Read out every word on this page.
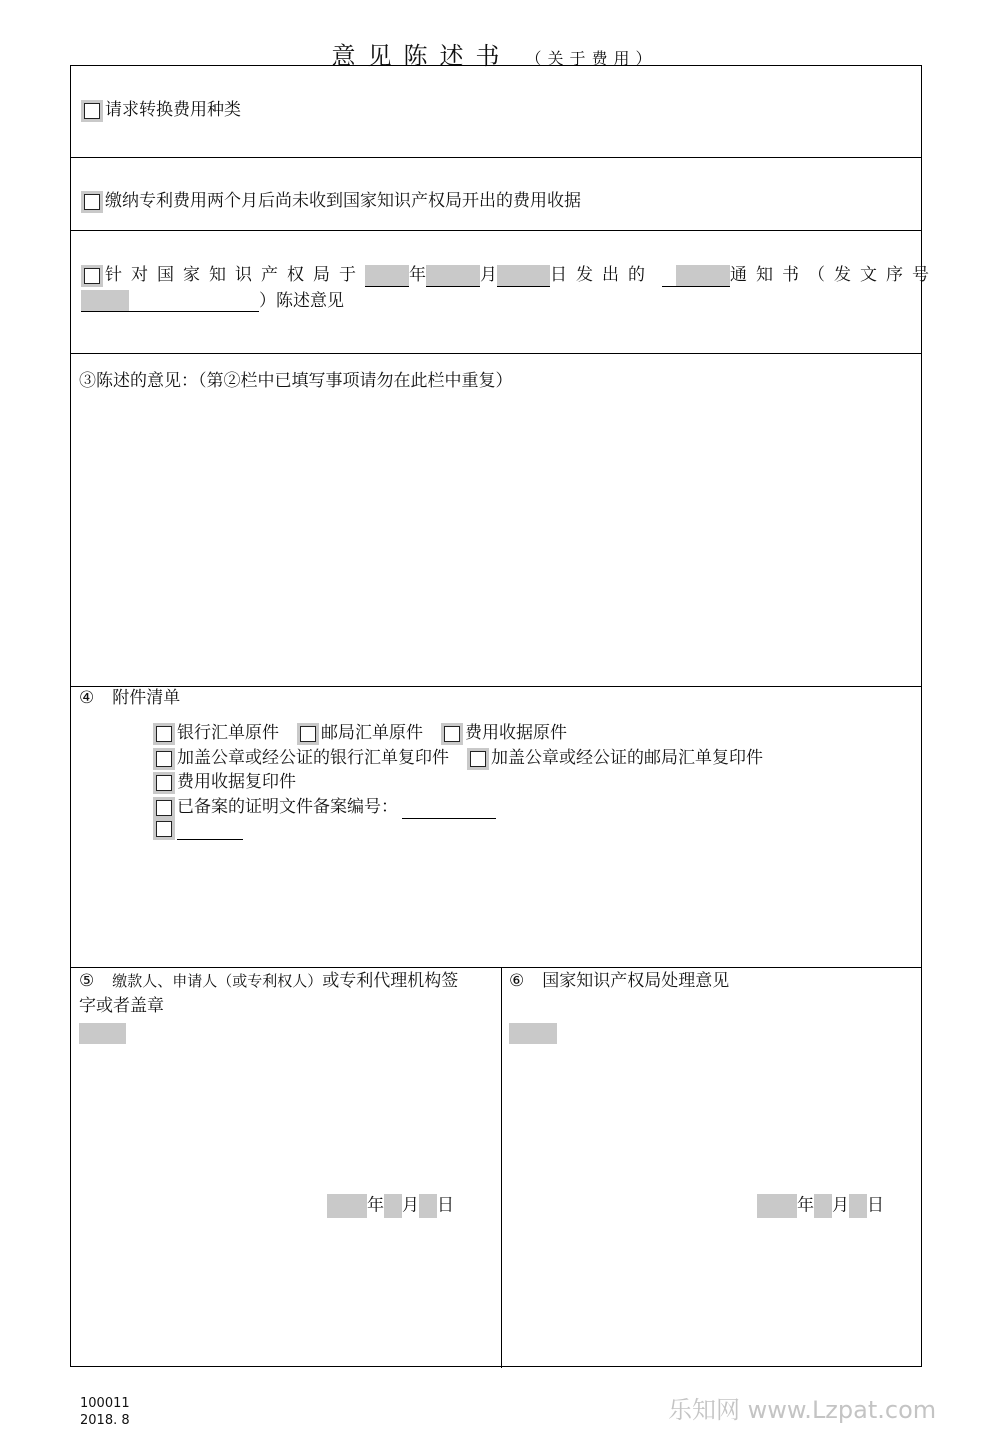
意见陈述书 （关于费用）
请求转换费用种类
缴纳专利费用两个月后尚未收到国家知识产权局开出的费用收据
针对国家知识产权局于	年	月	日发出的	通知书（发文序号
）陈述意见
③陈述的意见：（第②栏中已填写事项请勿在此栏中重复）
④ 附件清单
银行汇单原件 邮局汇单原件 费用收据原件
加盖公章或经公证的银行汇单复印件 加盖公章或经公证的邮局汇单复印件
费用收据复印件
已备案的证明文件备案编号：
⑤ 缴款人、申请人（或专利权人）或专利代理机构签
字或者盖章
年 月 日
⑥ 国家知识产权局处理意见
年 月 日
100011
2018. 8	乐知网 www.Lzpat.com
